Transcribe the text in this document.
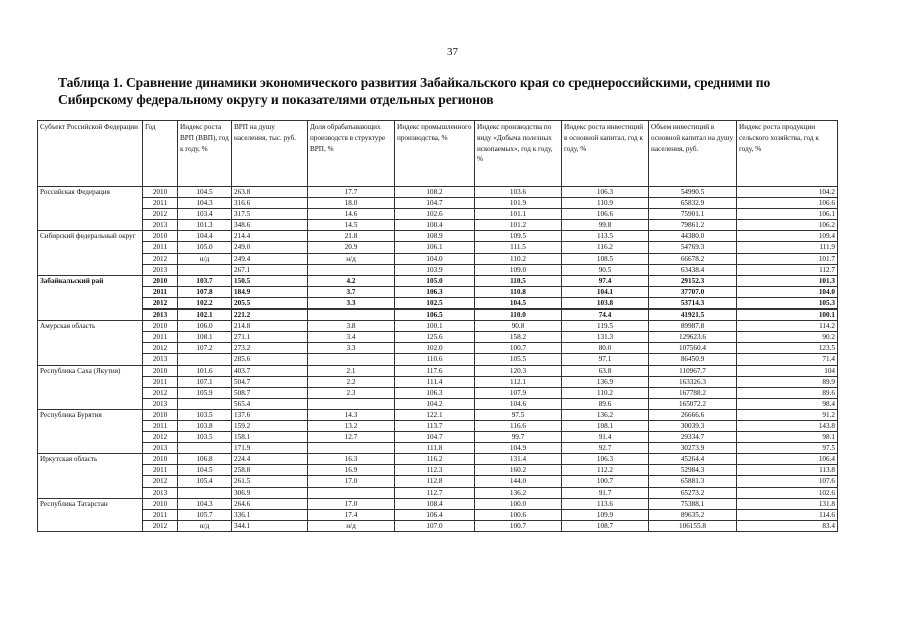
37
Таблица 1. Сравнение динамики экономического развития Забайкальского края со среднероссийскими, средними по Сибирскому федеральному округу и показателями отдельных регионов
Субъект Российской Федерации	Год	Индекс роста ВРП (ВВП), год к году, %	ВРП на душу населения, тыс. руб.	Доля обрабатывающих производств в структуре ВРП, %	Индекс промышленного производства, %	Индекс производства по виду «Добыча полезных ископаемых», год к году, %	Индекс роста инвестиций в основной капитал, год к году, %	Объем инвестиций в основной капитал на душу населения, руб.	Индекс роста продукции сельского хозяйства, год к году, %
Российская Федерация	2010	104.5	263.8	17.7	108.2	103.6	106.3	54990.5	104.2
	2011	104.3	316.6	18.0	104.7	101.9	110.9	65832.9	106.6
	2012	103.4	317.5	14.6	102.6	101.1	106.6	75901.1	106.1
	2013	101.3	348.6	14.5	100.4	101.2	99.8	79861.2	106.2
Сибирский федеральный округ	2010	104.4	214.4	21.8	108.9	109.5	113.5	44380.0	109.4
	2011	105.0	249.0	20.9	106.1	111.5	116.2	54769.3	111.9
	2012	н/д	249.4	н/д	104.0	110.2	108.5	66678.2	101.7
	2013		267.1		103.9	109.0	90.5	63438.4	112.7
Забайкальский рай	2010	103.7	150.5	4.2	105.0	110.5	97.4	29152.3	101.3
	2011	107.8	184.9	3.7	106.3	110.8	104.1	37707.0	104.0
	2012	102.2	205.5	3.3	102.5	104.5	103.8	53714.3	105.3
	2013	102.1	221.2		106.5	110.0	74.4	41921.5	100.1
Амурская область	2010	106.0	214.8	3.8	100.1	90.8	119.5	89987.8	114.2
	2011	108.1	271.1	3.4	125.6	158.2	131.3	129623.6	90.2
	2012	107.2	273.2	3.3	102.0	100.7	80.0	107560.4	123.5
	2013		285.6		110.6	105.5	97.1	86450.9	71.4
Республика Саха (Якутия)	2010	101.6	403.7	2.1	117.6	120.3	63.8	110967.7	104
	2011	107.1	504.7	2.2	111.4	112.1	136.9	163326.3	89.9
	2012	105.9	508.7	2.3	106.3	107.9	110.2	167788.2	89.6
	2013		565.4		104.2	104.6	89.6	165072.2	98.4
Республика Бурятия	2010	103.5	137.6	14.3	122.1	97.5	136.2	26666.6	91.2
	2011	103.8	159.2	13.2	113.7	116.6	108.1	30039.3	143.8
	2012	103.5	158.1	12.7	104.7	99.7	91.4	29334.7	98.1
	2013		171.9		111.8	104.9	92.7	30273.9	97.5
Иркутская область	2010	106.8	224.4	16.3	116.2	131.4	106.3	45264.4	106.4
	2011	104.5	258.8	16.9	112.3	160.2	112.2	52984.3	113.8
	2012	105.4	261.5	17.0	112.8	144.0	100.7	65881.3	107.6
	2013		306.9		112.7	136.2	91.7	65273.2	102.6
Республика Татарстан	2010	104.3	264.6	17.0	108.4	100.0	113.6	75388.1	131.8
	2011	105.7	336.1	17.4	106.4	100.6	109.9	89635.2	114.6
	2012	н/д	344.1	н/д	107.0	100.7	108.7	106155.8	83.4
